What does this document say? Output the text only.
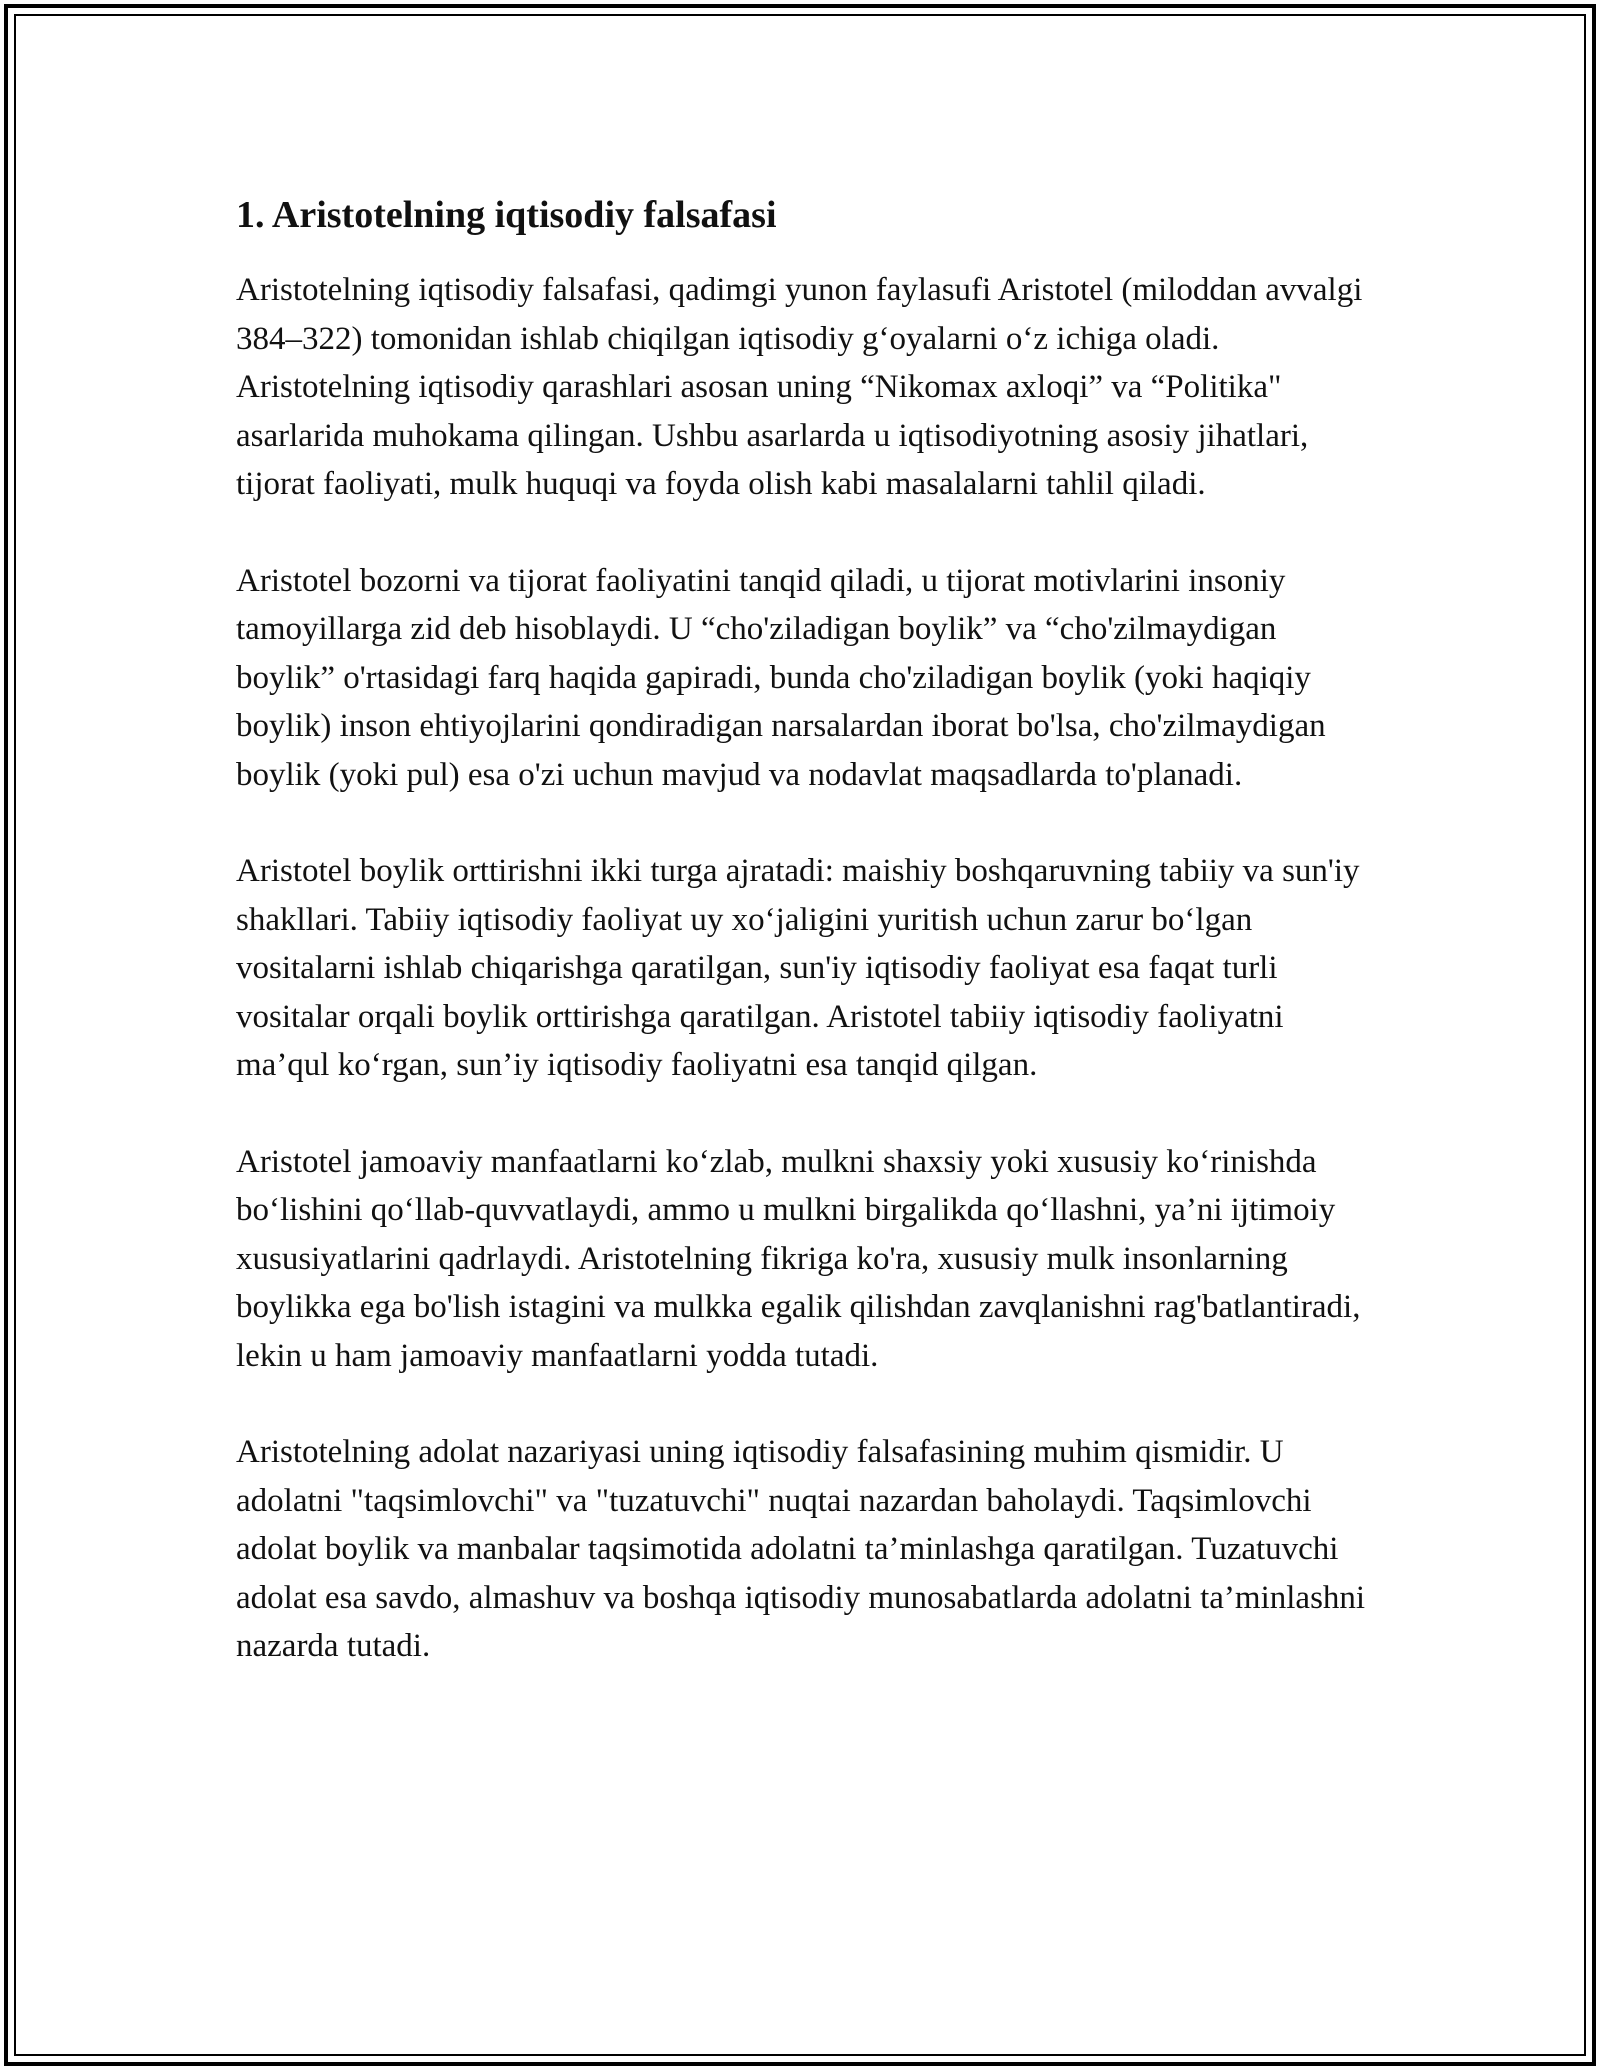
1. Aristotelning iqtisodiy falsafasi

Aristotelning iqtisodiy falsafasi, qadimgi yunon faylasufi Aristotel (miloddan avvalgi 384–322) tomonidan ishlab chiqilgan iqtisodiy g‘oyalarni o‘z ichiga oladi. Aristotelning iqtisodiy qarashlari asosan uning “Nikomax axloqi” va “Politika" asarlarida muhokama qilingan. Ushbu asarlarda u iqtisodiyotning asosiy jihatlari, tijorat faoliyati, mulk huquqi va foyda olish kabi masalalarni tahlil qiladi.

Aristotel bozorni va tijorat faoliyatini tanqid qiladi, u tijorat motivlarini insoniy tamoyillarga zid deb hisoblaydi. U “cho'ziladigan boylik” va “cho'zilmaydigan boylik” o'rtasidagi farq haqida gapiradi, bunda cho'ziladigan boylik (yoki haqiqiy boylik) inson ehtiyojlarini qondiradigan narsalardan iborat bo'lsa, cho'zilmaydigan boylik (yoki pul) esa o'zi uchun mavjud va nodavlat maqsadlarda to'planadi.

Aristotel boylik orttirishni ikki turga ajratadi: maishiy boshqaruvning tabiiy va sun'iy shakllari. Tabiiy iqtisodiy faoliyat uy xo‘jaligini yuritish uchun zarur bo‘lgan vositalarni ishlab chiqarishga qaratilgan, sun'iy iqtisodiy faoliyat esa faqat turli vositalar orqali boylik orttirishga qaratilgan. Aristotel tabiiy iqtisodiy faoliyatni ma’qul ko‘rgan, sun’iy iqtisodiy faoliyatni esa tanqid qilgan.

Aristotel jamoaviy manfaatlarni ko‘zlab, mulkni shaxsiy yoki xususiy ko‘rinishda bo‘lishini qo‘llab-quvvatlaydi, ammo u mulkni birgalikda qo‘llashni, ya’ni ijtimoiy xususiyatlarini qadrlaydi. Aristotelning fikriga ko'ra, xususiy mulk insonlarning boylikka ega bo'lish istagini va mulkka egalik qilishdan zavqlanishni rag'batlantiradi, lekin u ham jamoaviy manfaatlarni yodda tutadi.

Aristotelning adolat nazariyasi uning iqtisodiy falsafasining muhim qismidir. U adolatni "taqsimlovchi" va "tuzatuvchi" nuqtai nazardan baholaydi. Taqsimlovchi adolat boylik va manbalar taqsimotida adolatni ta’minlashga qaratilgan. Tuzatuvchi adolat esa savdo, almashuv va boshqa iqtisodiy munosabatlarda adolatni ta’minlashni nazarda tutadi.
